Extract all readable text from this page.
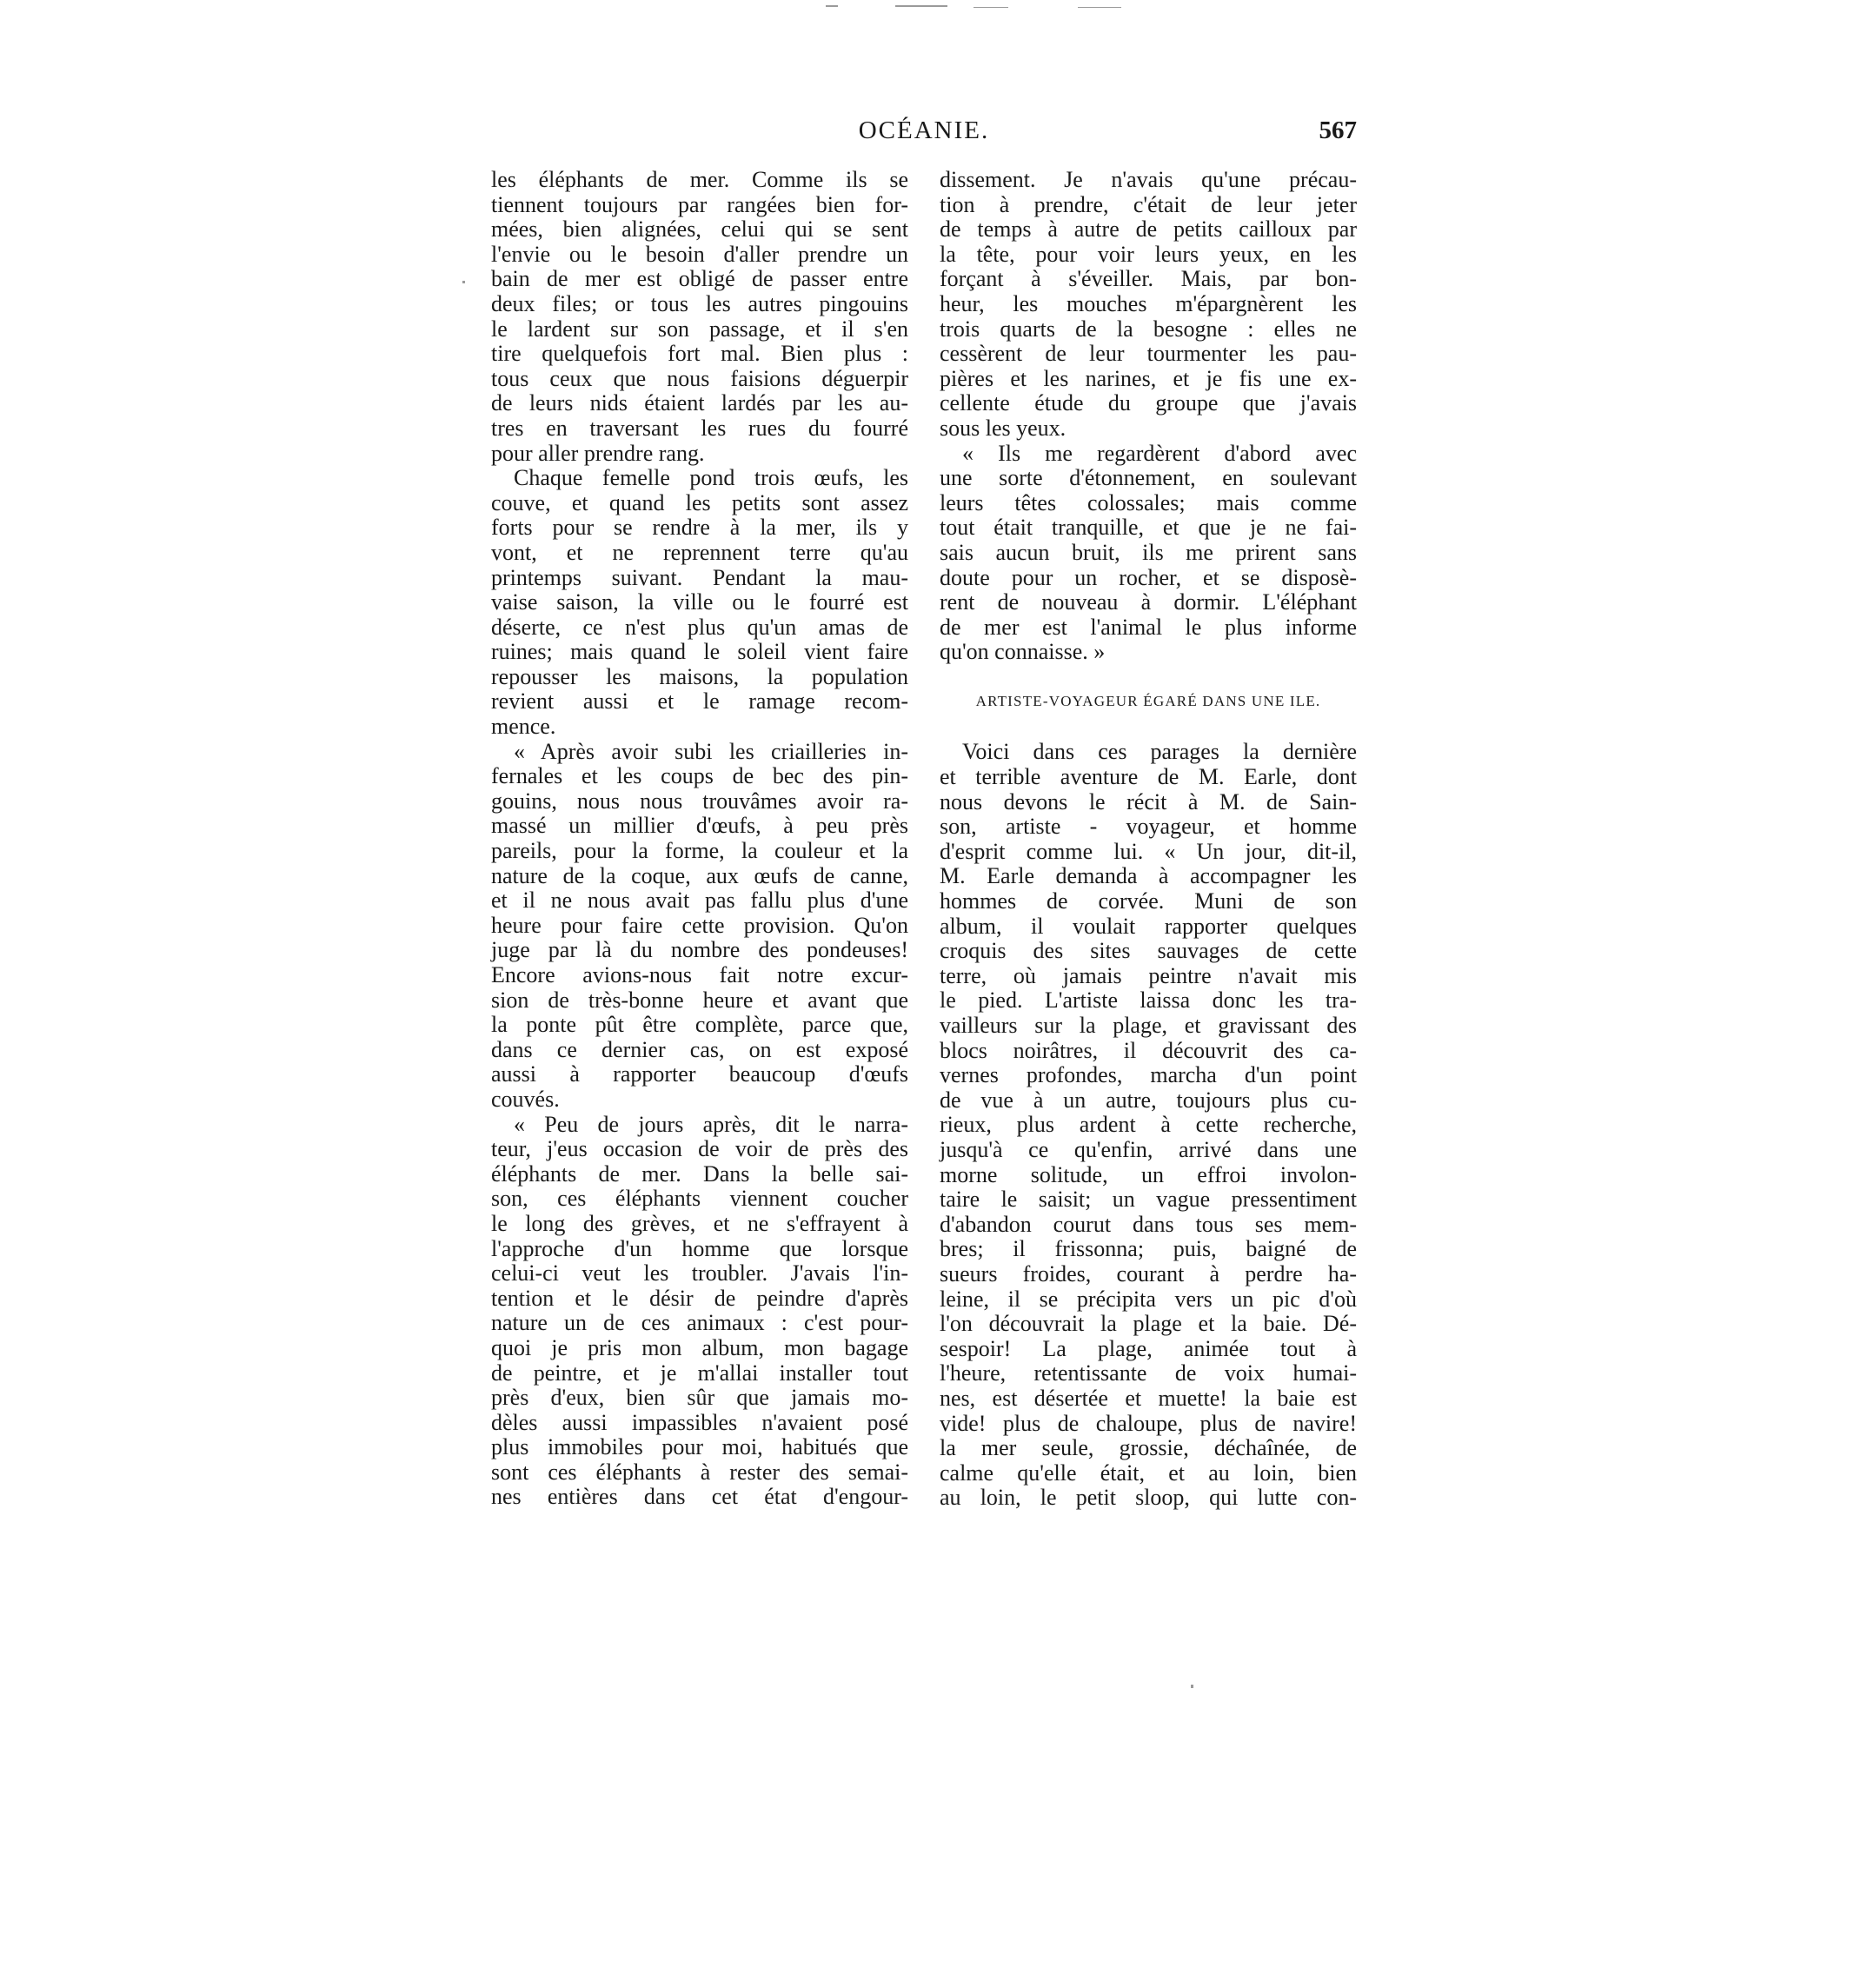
OCÉANIE.	567
les éléphants de mer. Comme ils se
tiennent toujours par rangées bien for-
mées, bien alignées, celui qui se sent
l'envie ou le besoin d'aller prendre un
bain de mer est obligé de passer entre
deux files; or tous les autres pingouins
le lardent sur son passage, et il s'en
tire quelquefois fort mal. Bien plus :
tous ceux que nous faisions déguerpir
de leurs nids étaient lardés par les au-
tres en traversant les rues du fourré
pour aller prendre rang.
Chaque femelle pond trois œufs, les
couve, et quand les petits sont assez
forts pour se rendre à la mer, ils y
vont, et ne reprennent terre qu'au
printemps suivant. Pendant la mau-
vaise saison, la ville ou le fourré est
déserte, ce n'est plus qu'un amas de
ruines; mais quand le soleil vient faire
repousser les maisons, la population
revient aussi et le ramage recom-
mence.
« Après avoir subi les criailleries in-
fernales et les coups de bec des pin-
gouins, nous nous trouvâmes avoir ra-
massé un millier d'œufs, à peu près
pareils, pour la forme, la couleur et la
nature de la coque, aux œufs de canne,
et il ne nous avait pas fallu plus d'une
heure pour faire cette provision. Qu'on
juge par là du nombre des pondeuses!
Encore avions-nous fait notre excur-
sion de très-bonne heure et avant que
la ponte pût être complète, parce que,
dans ce dernier cas, on est exposé
aussi à rapporter beaucoup d'œufs
couvés.
« Peu de jours après, dit le narra-
teur, j'eus occasion de voir de près des
éléphants de mer. Dans la belle sai-
son, ces éléphants viennent coucher
le long des grèves, et ne s'effrayent à
l'approche d'un homme que lorsque
celui-ci veut les troubler. J'avais l'in-
tention et le désir de peindre d'après
nature un de ces animaux : c'est pour-
quoi je pris mon album, mon bagage
de peintre, et je m'allai installer tout
près d'eux, bien sûr que jamais mo-
dèles aussi impassibles n'avaient posé
plus immobiles pour moi, habitués que
sont ces éléphants à rester des semai-
nes entières dans cet état d'engour-
dissement. Je n'avais qu'une précau-
tion à prendre, c'était de leur jeter
de temps à autre de petits cailloux par
la tête, pour voir leurs yeux, en les
forçant à s'éveiller. Mais, par bon-
heur, les mouches m'épargnèrent les
trois quarts de la besogne : elles ne
cessèrent de leur tourmenter les pau-
pières et les narines, et je fis une ex-
cellente étude du groupe que j'avais
sous les yeux.
« Ils me regardèrent d'abord avec
une sorte d'étonnement, en soulevant
leurs têtes colossales; mais comme
tout était tranquille, et que je ne fai-
sais aucun bruit, ils me prirent sans
doute pour un rocher, et se disposè-
rent de nouveau à dormir. L'éléphant
de mer est l'animal le plus informe
qu'on connaisse. »
ARTISTE-VOYAGEUR ÉGARÉ DANS UNE ILE.
Voici dans ces parages la dernière
et terrible aventure de M. Earle, dont
nous devons le récit à M. de Sain-
son, artiste - voyageur, et homme
d'esprit comme lui. « Un jour, dit-il,
M. Earle demanda à accompagner les
hommes de corvée. Muni de son
album, il voulait rapporter quelques
croquis des sites sauvages de cette
terre, où jamais peintre n'avait mis
le pied. L'artiste laissa donc les tra-
vailleurs sur la plage, et gravissant des
blocs noirâtres, il découvrit des ca-
vernes profondes, marcha d'un point
de vue à un autre, toujours plus cu-
rieux, plus ardent à cette recherche,
jusqu'à ce qu'enfin, arrivé dans une
morne solitude, un effroi involon-
taire le saisit; un vague pressentiment
d'abandon courut dans tous ses mem-
bres; il frissonna; puis, baigné de
sueurs froides, courant à perdre ha-
leine, il se précipita vers un pic d'où
l'on découvrait la plage et la baie. Dé-
sespoir! La plage, animée tout à
l'heure, retentissante de voix humai-
nes, est désertée et muette! la baie est
vide! plus de chaloupe, plus de navire!
la mer seule, grossie, déchaînée, de
calme qu'elle était, et au loin, bien
au loin, le petit sloop, qui lutte con-
